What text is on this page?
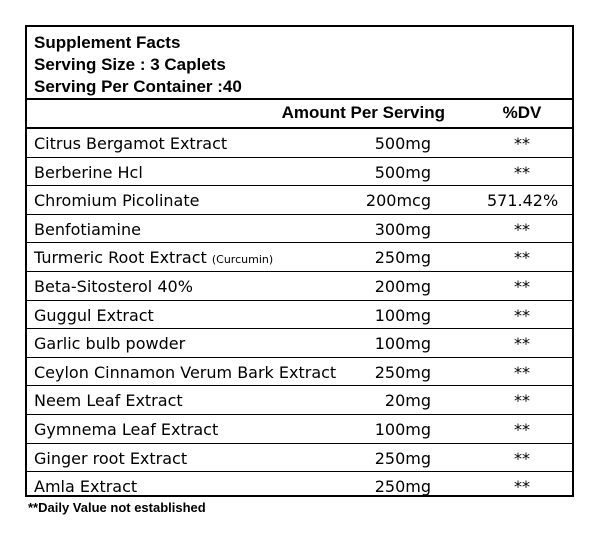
Supplement Facts
Serving Size : 3 Caplets
Serving Per Container :40
Amount Per Serving	%DV
Citrus Bergamot Extract	500mg	**
Berberine Hcl	500mg	**
Chromium Picolinate	200mcg	571.42%
Benfotiamine	300mg	**
Turmeric Root Extract (Curcumin)	250mg	**
Beta-Sitosterol 40%	200mg	**
Guggul Extract	100mg	**
Garlic bulb powder	100mg	**
Ceylon Cinnamon Verum Bark Extract 250mg	**
Neem Leaf Extract	20mg	**
Gymnema Leaf Extract	100mg	**
Ginger root Extract	250mg	**
Amla Extract	250mg	**
**Daily Value not established
